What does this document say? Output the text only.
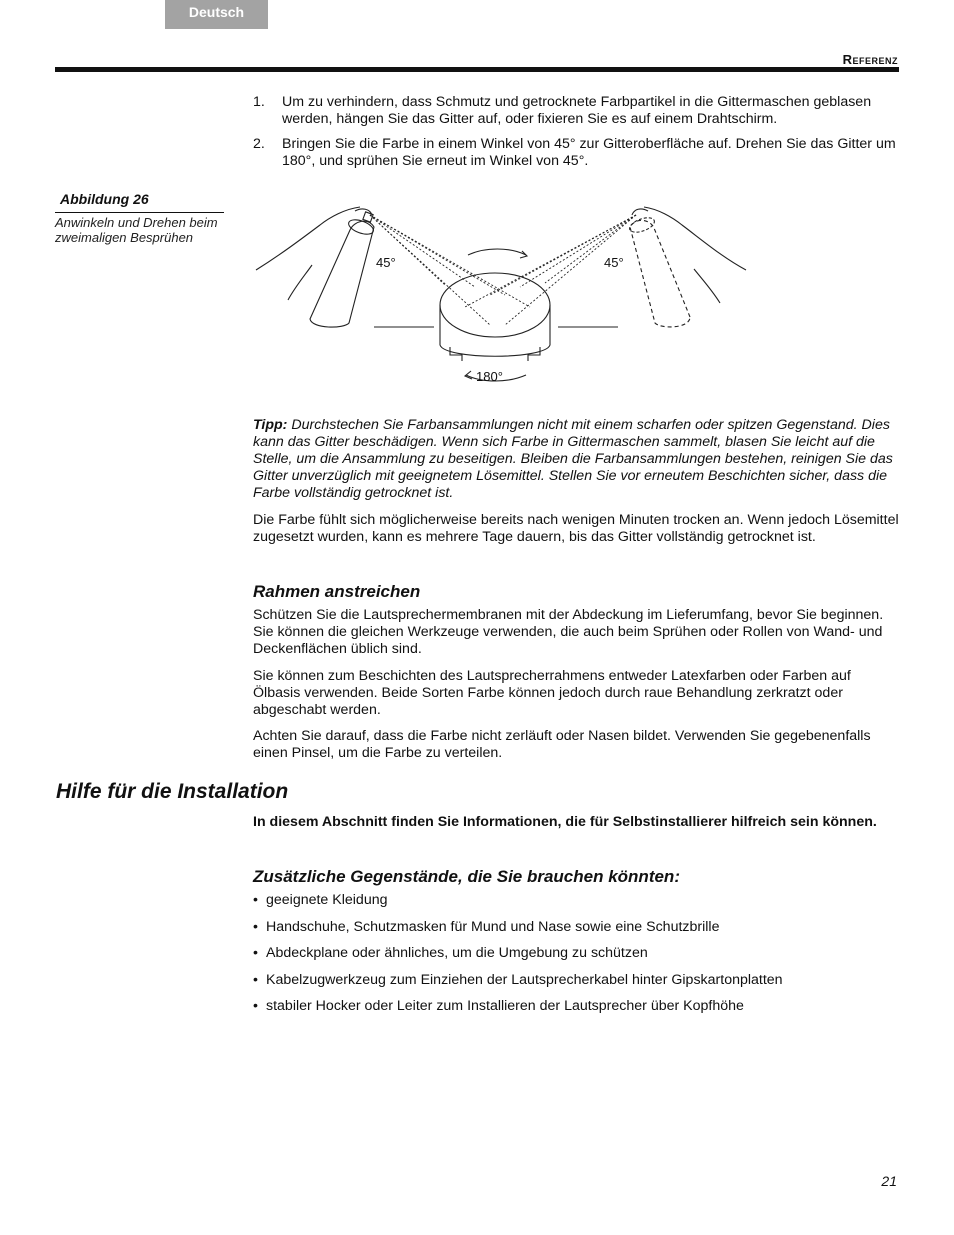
Deutsch
Referenz
1. Um zu verhindern, dass Schmutz und getrocknete Farbpartikel in die Gittermaschen geblasen werden, hängen Sie das Gitter auf, oder fixieren Sie es auf einem Drahtschirm.
2. Bringen Sie die Farbe in einem Winkel von 45° zur Gitteroberfläche auf. Drehen Sie das Gitter um 180°, und sprühen Sie erneut im Winkel von 45°.
Abbildung 26
Anwinkeln und Drehen beim zweimaligen Besprühen
45°	45°
180°
Tipp: Durchstechen Sie Farbansammlungen nicht mit einem scharfen oder spitzen Gegenstand. Dies kann das Gitter beschädigen. Wenn sich Farbe in Gittermaschen sammelt, blasen Sie leicht auf die Stelle, um die Ansammlung zu beseitigen. Bleiben die Farbansammlungen bestehen, reinigen Sie das Gitter unverzüglich mit geeignetem Lösemittel. Stellen Sie vor erneutem Beschichten sicher, dass die Farbe vollständig getrocknet ist.
Die Farbe fühlt sich möglicherweise bereits nach wenigen Minuten trocken an. Wenn jedoch Lösemittel zugesetzt wurden, kann es mehrere Tage dauern, bis das Gitter vollständig getrocknet ist.
Rahmen anstreichen

Schützen Sie die Lautsprechermembranen mit der Abdeckung im Lieferumfang, bevor Sie beginnen. Sie können die gleichen Werkzeuge verwenden, die auch beim Sprühen oder Rollen von Wand- und Deckenflächen üblich sind.

Sie können zum Beschichten des Lautsprecherrahmens entweder Latexfarben oder Farben auf Ölbasis verwenden. Beide Sorten Farbe können jedoch durch raue Behandlung zerkratzt oder abgeschabt werden.

Achten Sie darauf, dass die Farbe nicht zerläuft oder Nasen bildet. Verwenden Sie gegebenenfalls einen Pinsel, um die Farbe zu verteilen.

Hilfe für die Installation
In diesem Abschnitt finden Sie Informationen, die für Selbstinstallierer hilfreich sein können.
Zusätzliche Gegenstände, die Sie brauchen könnten:
• geeignete Kleidung
• Handschuhe, Schutzmasken für Mund und Nase sowie eine Schutzbrille
• Abdeckplane oder ähnliches, um die Umgebung zu schützen
• Kabelzugwerkzeug zum Einziehen der Lautsprecherkabel hinter Gipskartonplatten
• stabiler Hocker oder Leiter zum Installieren der Lautsprecher über Kopfhöhe
21
